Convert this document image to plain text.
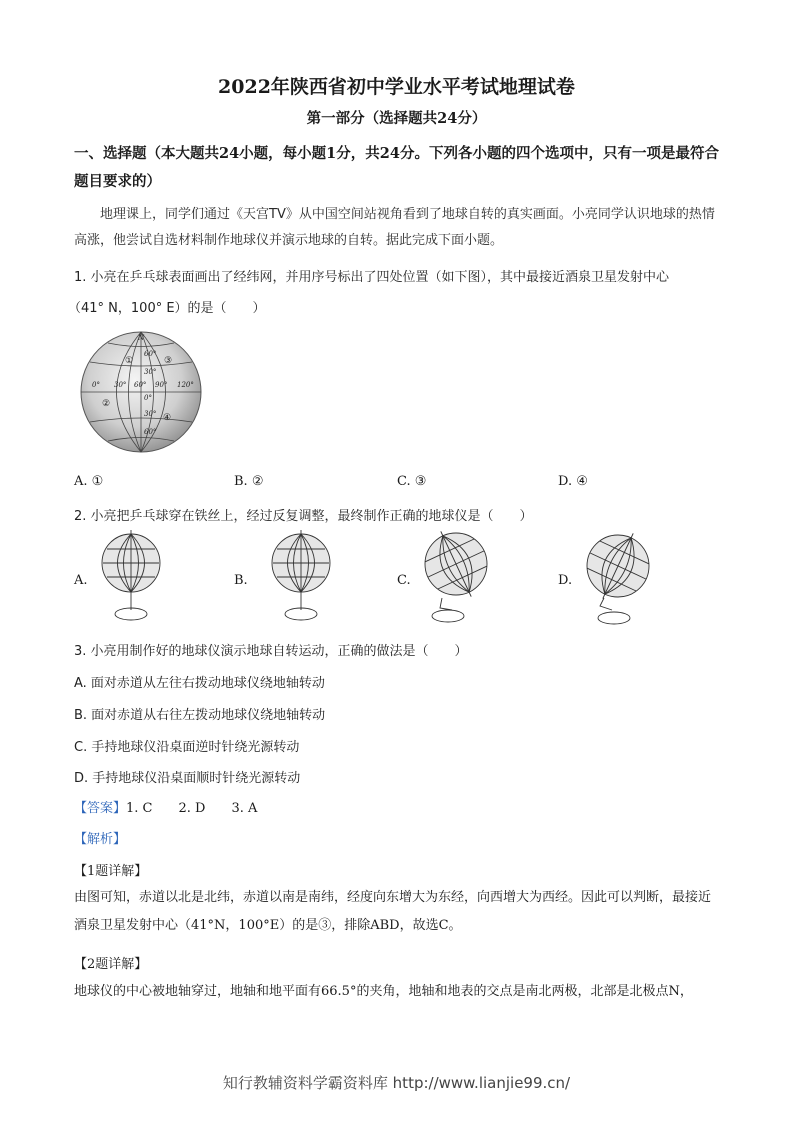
2022年陕西省初中学业水平考试地理试卷
第一部分（选择题共24分）
一、选择题（本大题共24小题，每小题1分，共24分。下列各小题的四个选项中，只有一项是最符合题目要求的）
地理课上，同学们通过《天宫TV》从中国空间站视角看到了地球自转的真实画面。小亮同学认识地球的热情高涨，他尝试自选材料制作地球仪并演示地球的自转。据此完成下面小题。
1. 小亮在乒乓球表面画出了经纬网，并用序号标出了四处位置（如下图），其中最接近酒泉卫星发射中心
（41° N，100° E）的是（　　）
N
①	③
②
④
0° 30° 60° 90° 120°
60°
30°
0°
30°
60°
A. ①	B. ②	C. ③	D. ④
2. 小亮把乒乓球穿在铁丝上，经过反复调整，最终制作正确的地球仪是（　　）
A.	B.	C.	D.
3. 小亮用制作好的地球仪演示地球自转运动，正确的做法是（　　）
A. 面对赤道从左往右拨动地球仪绕地轴转动
B. 面对赤道从右往左拨动地球仪绕地轴转动
C. 手持地球仪沿桌面逆时针绕光源转动
D. 手持地球仪沿桌面顺时针绕光源转动
【答案】1. C 2. D 3. A
【解析】
【1题详解】
由图可知，赤道以北是北纬，赤道以南是南纬，经度向东增大为东经，向西增大为西经。因此可以判断，最接近酒泉卫星发射中心（41°N，100°E）的是③，排除ABD，故选C。
【2题详解】
地球仪的中心被地轴穿过，地轴和地平面有66.5°的夹角，地轴和地表的交点是南北两极，北部是北极点N，
知行教辅资料学霸资料库 http://www.lianjie99.cn/
